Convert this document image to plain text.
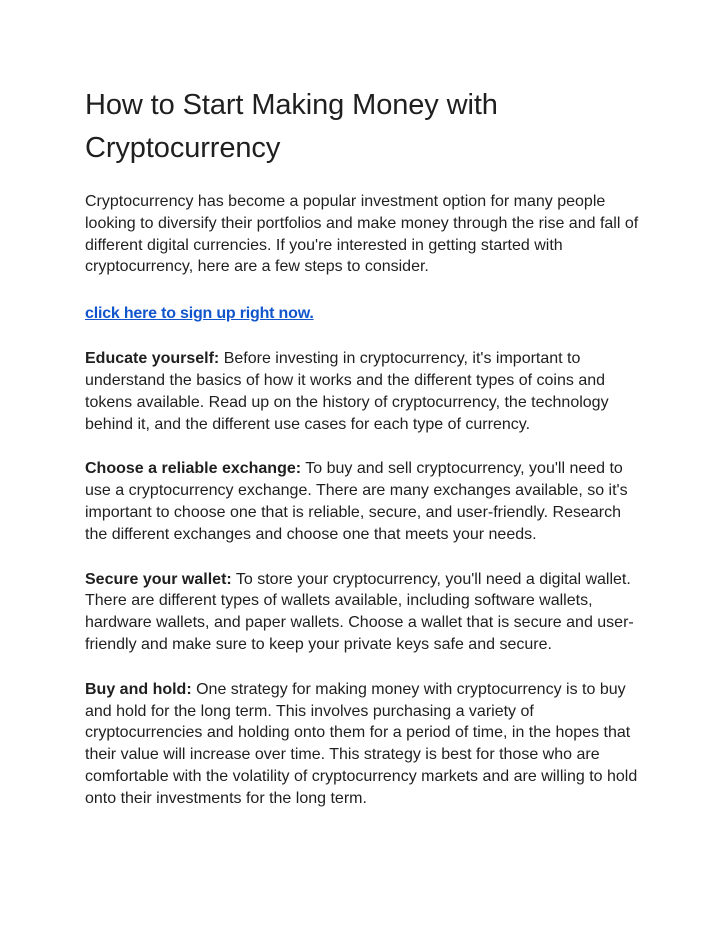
How to Start Making Money with Cryptocurrency

Cryptocurrency has become a popular investment option for many people looking to diversify their portfolios and make money through the rise and fall of different digital currencies. If you're interested in getting started with cryptocurrency, here are a few steps to consider.

click here to sign up right now.

Educate yourself: Before investing in cryptocurrency, it's important to understand the basics of how it works and the different types of coins and tokens available. Read up on the history of cryptocurrency, the technology behind it, and the different use cases for each type of currency.

Choose a reliable exchange: To buy and sell cryptocurrency, you'll need to use a cryptocurrency exchange. There are many exchanges available, so it's important to choose one that is reliable, secure, and user-friendly. Research the different exchanges and choose one that meets your needs.

Secure your wallet: To store your cryptocurrency, you'll need a digital wallet. There are different types of wallets available, including software wallets, hardware wallets, and paper wallets. Choose a wallet that is secure and user-friendly and make sure to keep your private keys safe and secure.

Buy and hold: One strategy for making money with cryptocurrency is to buy and hold for the long term. This involves purchasing a variety of cryptocurrencies and holding onto them for a period of time, in the hopes that their value will increase over time. This strategy is best for those who are comfortable with the volatility of cryptocurrency markets and are willing to hold onto their investments for the long term.
